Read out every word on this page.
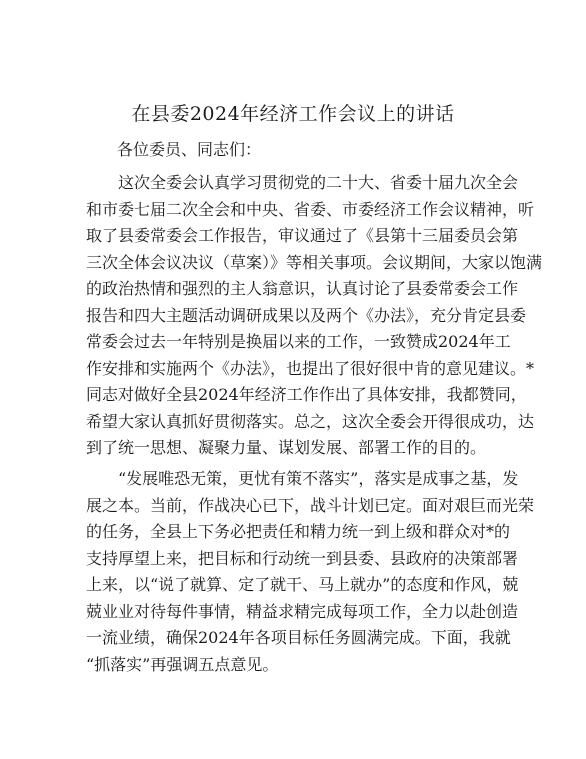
在县委2024年经济工作会议上的讲话

各位委员、同志们：

这次全委会认真学习贯彻党的二十大、省委十届九次全会
和市委七届二次全会和中央、省委、市委经济工作会议精神，听
取了县委常委会工作报告，审议通过了《县第十三届委员会第
三次全体会议决议（草案）》等相关事项。会议期间，大家以饱满
的政治热情和强烈的主人翁意识，认真讨论了县委常委会工作
报告和四大主题活动调研成果以及两个《办法》，充分肯定县委
常委会过去一年特别是换届以来的工作，一致赞成2024年工
作安排和实施两个《办法》，也提出了很好很中肯的意见建议。*
同志对做好全县2024年经济工作作出了具体安排，我都赞同，
希望大家认真抓好贯彻落实。总之，这次全委会开得很成功，达
到了统一思想、凝聚力量、谋划发展、部署工作的目的。

“发展唯恐无策，更忧有策不落实”，落实是成事之基，发
展之本。当前，作战决心已下，战斗计划已定。面对艰巨而光荣
的任务，全县上下务必把责任和精力统一到上级和群众对*的
支持厚望上来，把目标和行动统一到县委、县政府的决策部署
上来，以“说了就算、定了就干、马上就办”的态度和作风，兢
兢业业对待每件事情，精益求精完成每项工作，全力以赴创造
一流业绩，确保2024年各项目标任务圆满完成。下面，我就
“抓落实”再强调五点意见。
